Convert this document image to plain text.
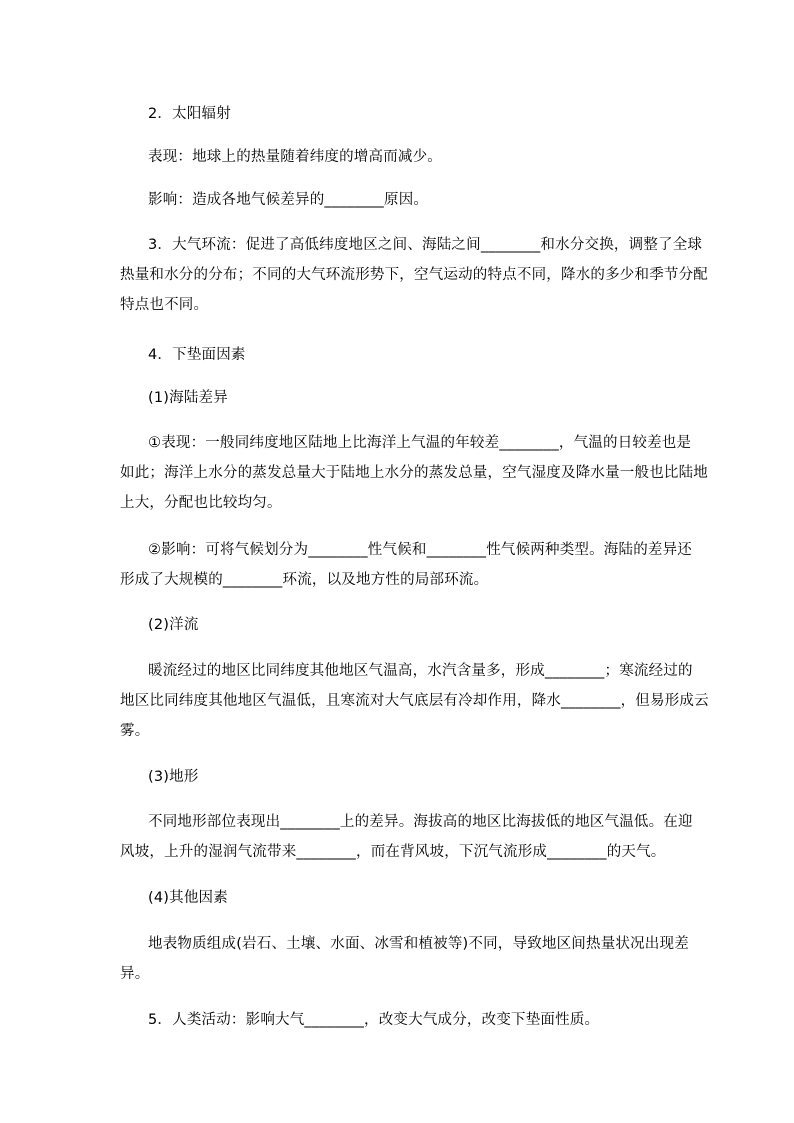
2．太阳辐射
表现：地球上的热量随着纬度的增高而减少。
影响：造成各地气候差异的________原因。
3．大气环流：促进了高低纬度地区之间、海陆之间________和水分交换，调整了全球
热量和水分的分布；不同的大气环流形势下，空气运动的特点不同，降水的多少和季节分配
特点也不同。
4．下垫面因素
(1)海陆差异
①表现：一般同纬度地区陆地上比海洋上气温的年较差________，气温的日较差也是
如此；海洋上水分的蒸发总量大于陆地上水分的蒸发总量，空气湿度及降水量一般也比陆地
上大，分配也比较均匀。
②影响：可将气候划分为________性气候和________性气候两种类型。海陆的差异还
形成了大规模的________环流，以及地方性的局部环流。
(2)洋流
暖流经过的地区比同纬度其他地区气温高，水汽含量多，形成________；寒流经过的
地区比同纬度其他地区气温低，且寒流对大气底层有冷却作用，降水________，但易形成云
雾。
(3)地形
不同地形部位表现出________上的差异。海拔高的地区比海拔低的地区气温低。在迎
风坡，上升的湿润气流带来________，而在背风坡，下沉气流形成________的天气。
(4)其他因素
地表物质组成(岩石、土壤、水面、冰雪和植被等)不同，导致地区间热量状况出现差
异。
5．人类活动：影响大气________，改变大气成分，改变下垫面性质。
